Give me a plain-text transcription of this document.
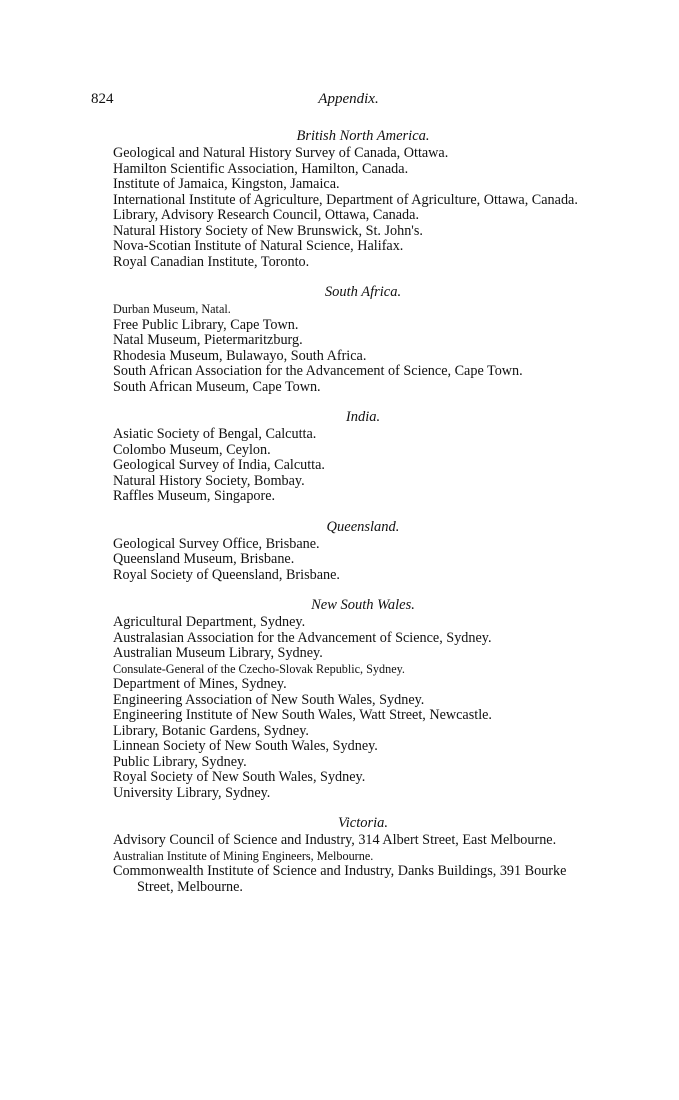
824	Appendix.

British North America.

Geological and Natural History Survey of Canada, Ottawa.

Hamilton Scientific Association, Hamilton, Canada.

Institute of Jamaica, Kingston, Jamaica.

International Institute of Agriculture, Department of Agriculture, Ottawa, Canada.

Library, Advisory Research Council, Ottawa, Canada.

Natural History Society of New Brunswick, St. John's.

Nova-Scotian Institute of Natural Science, Halifax.

Royal Canadian Institute, Toronto.

South Africa.

Durban Museum, Natal.

Free Public Library, Cape Town.

Natal Museum, Pietermaritzburg.

Rhodesia Museum, Bulawayo, South Africa.

South African Association for the Advancement of Science, Cape Town.

South African Museum, Cape Town.

India.

Asiatic Society of Bengal, Calcutta.

Colombo Museum, Ceylon.

Geological Survey of India, Calcutta.

Natural History Society, Bombay.

Raffles Museum, Singapore.

Queensland.

Geological Survey Office, Brisbane.

Queensland Museum, Brisbane.

Royal Society of Queensland, Brisbane.

New South Wales.

Agricultural Department, Sydney.

Australasian Association for the Advancement of Science, Sydney.

Australian Museum Library, Sydney.

Consulate-General of the Czecho-Slovak Republic, Sydney.

Department of Mines, Sydney.

Engineering Association of New South Wales, Sydney.

Engineering Institute of New South Wales, Watt Street, Newcastle.

Library, Botanic Gardens, Sydney.

Linnean Society of New South Wales, Sydney.

Public Library, Sydney.

Royal Society of New South Wales, Sydney.

University Library, Sydney.

Victoria.

Advisory Council of Science and Industry, 314 Albert Street, East Melbourne.

Australian Institute of Mining Engineers, Melbourne.

Commonwealth Institute of Science and Industry, Danks Buildings, 391 Bourke Street, Melbourne.
